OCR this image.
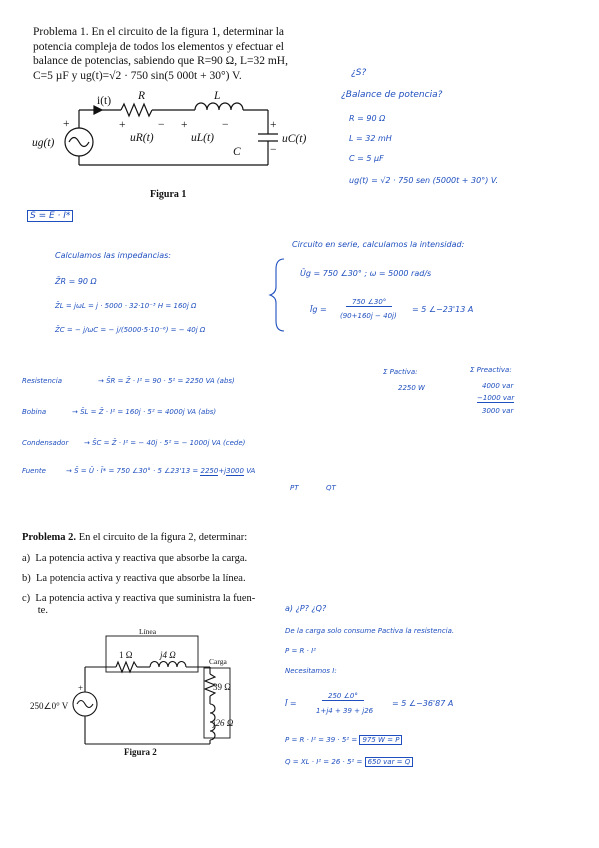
Problema 1. En el circuito de la figura 1, determinar la
potencia compleja de todos los elementos y efectuar el
balance de potencias, sabiendo que R=90 Ω, L=32 mH,
C=5 µF y ug(t)=√2 · 750 sin(5 000t + 30°) V.
i(t) R	L
ug(t)
+	+	−
uR(t)
+	−
uL(t)
+
−
uC(t)
C
Figura 1
¿S?
¿Balance de potencia?
R = 90 Ω
L = 32 mH
C = 5 µF
ug(t) = √2 · 750 sen (5000t + 30°) V.
S̄ = Ē · I*
Calculamos las impedancias:
Z̄R = 90 Ω
Z̄L = jωL = j · 5000 · 32·10⁻³ H = 160j Ω
Z̄C = − j/ωC = − j/(5000·5·10⁻⁶) = − 40j Ω
Circuito en serie, calculamos la intensidad:
Ūg = 750 ∠30° ; ω = 5000 rad/s
Īg =
750 ∠30°
(90+160j − 40j)
= 5 ∠−23'13 A
Σ Pactiva:
2250 W
Σ Preactiva:
4000 var
−1000 var
3000 var
Resistencia	→ S̄R = Z̄ · I² = 90 · 5² = 2250 VA (abs)
Bobina	→ S̄L = Z̄ · I² = 160j · 5² = 4000j VA (abs)
Condensador → S̄C = Z̄ · I² = − 40j · 5² = − 1000j VA (cede)
Fuente	→ S̄ = Ū · Ī* = 750 ∠30° · 5 ∠23'13 = 2250+j3000 VA
PT	QT
Problema 2. En el circuito de la figura 2, determinar:
a)  La potencia activa y reactiva que absorbe la carga.
b)  La potencia activa y reactiva que absorbe la línea.
c)  La potencia activa y reactiva que suministra la fuen-
te.
+
Línea
Carga
1 Ω	j4 Ω
39 Ω
j26 Ω
250∠0° V
Figura 2
a) ¿P? ¿Q?
De la carga solo consume Pactiva la resistencia.
P = R · I²
Necesitamos I:
Ī =
250 ∠0°
1+j4 + 39 + j26
= 5 ∠−36'87 A
P = R · I² = 39 · 5² = 975 W = P
Q = XL · I² = 26 · 5² = 650 var = Q
